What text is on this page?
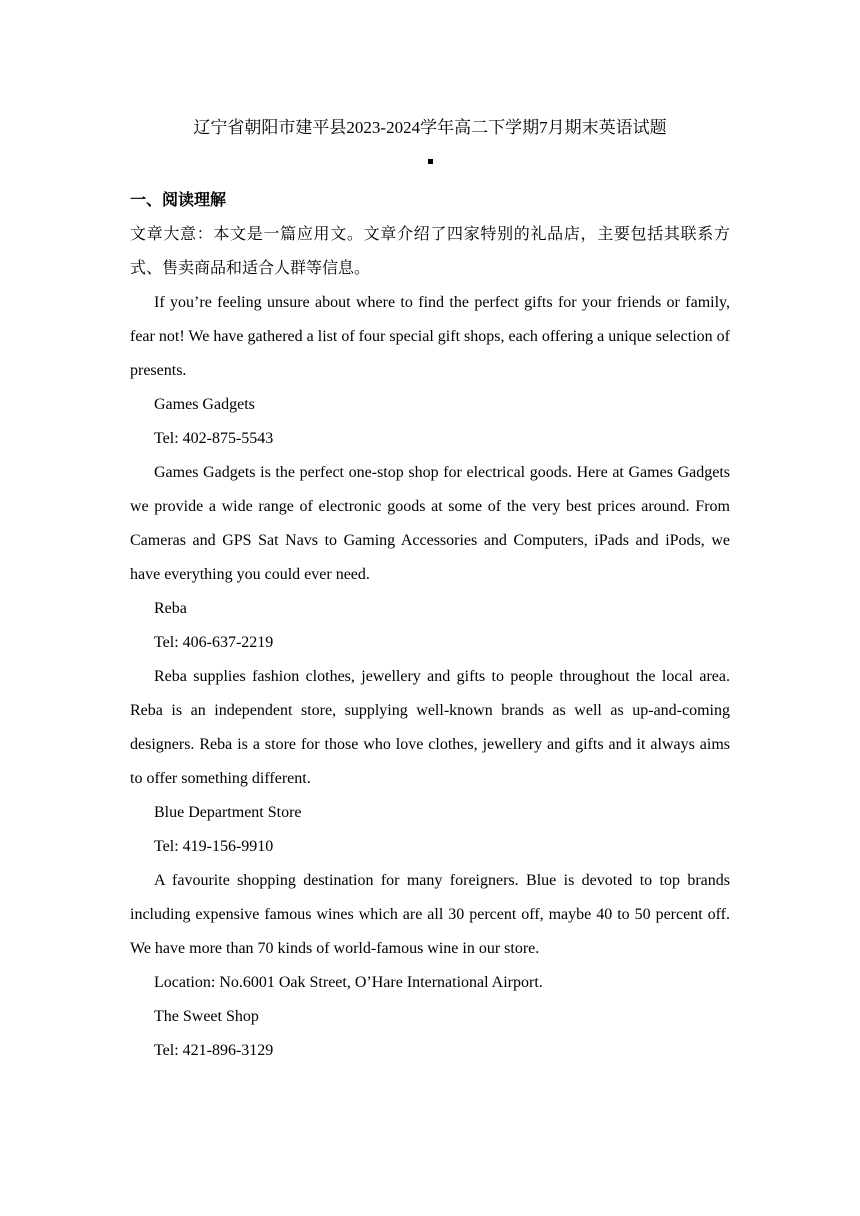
辽宁省朝阳市建平县2023-2024学年高二下学期7月期末英语试题
一、阅读理解

文章大意：本文是一篇应用文。文章介绍了四家特别的礼品店，主要包括其联系方式、售卖商品和适合人群等信息。

If you’re feeling unsure about where to find the perfect gifts for your friends or family, fear not! We have gathered a list of four special gift shops, each offering a unique selection of presents.

Games Gadgets

Tel: 402-875-5543

Games Gadgets is the perfect one-stop shop for electrical goods. Here at Games Gadgets we provide a wide range of electronic goods at some of the very best prices around. From Cameras and GPS Sat Navs to Gaming Accessories and Computers, iPads and iPods, we have everything you could ever need.

Reba

Tel: 406-637-2219

Reba supplies fashion clothes, jewellery and gifts to people throughout the local area. Reba is an independent store, supplying well-known brands as well as up-and-coming designers. Reba is a store for those who love clothes, jewellery and gifts and it always aims to offer something different.

Blue Department Store

Tel: 419-156-9910

A favourite shopping destination for many foreigners. Blue is devoted to top brands including expensive famous wines which are all 30 percent off, maybe 40 to 50 percent off. We have more than 70 kinds of world-famous wine in our store.

Location: No.6001 Oak Street, O’Hare International Airport.

The Sweet Shop

Tel: 421-896-3129
